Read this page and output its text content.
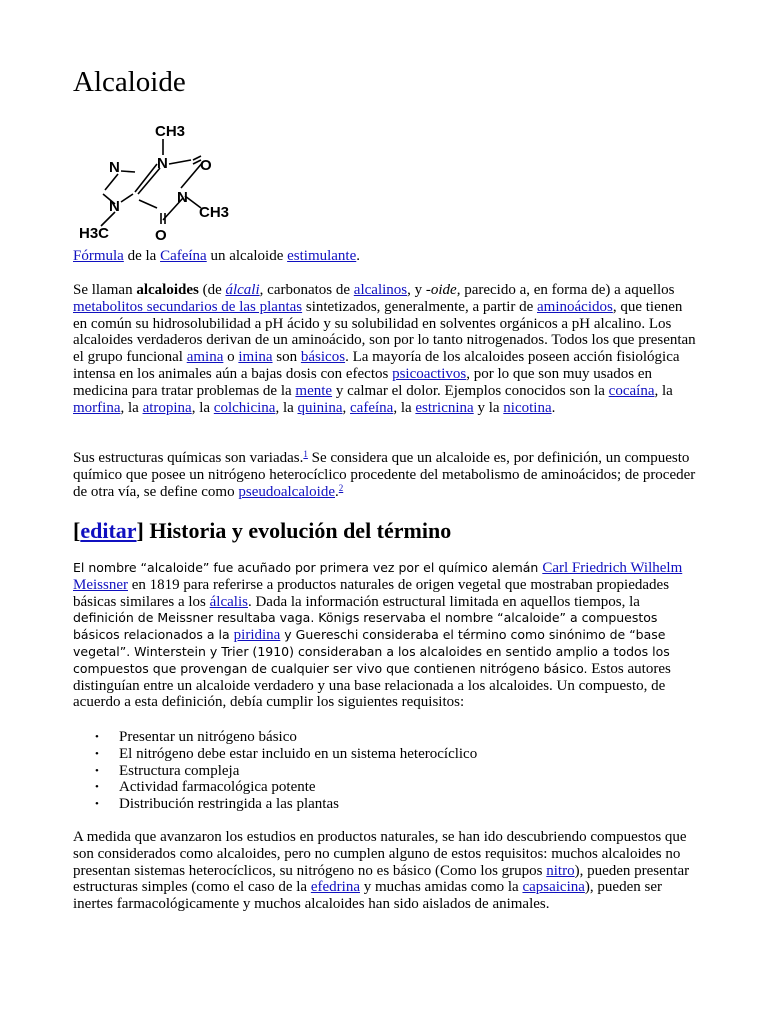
Alcaloide
CH3
N O
N
CH3
O
N
N
H3C

Fórmula de la Cafeína un alcaloide estimulante.

Se llaman alcaloides (de álcali, carbonatos de alcalinos, y -oide, parecido a, en forma de) a aquellos metabolitos secundarios de las plantas sintetizados, generalmente, a partir de aminoácidos, que tienen en común su hidrosolubilidad a pH ácido y su solubilidad en solventes orgánicos a pH alcalino. Los alcaloides verdaderos derivan de un aminoácido, son por lo tanto nitrogenados. Todos los que presentan el grupo funcional amina o imina son básicos. La mayoría de los alcaloides poseen acción fisiológica intensa en los animales aún a bajas dosis con efectos psicoactivos, por lo que son muy usados en medicina para tratar problemas de la mente y calmar el dolor. Ejemplos conocidos son la cocaína, la morfina, la atropina, la colchicina, la quinina, cafeína, la estricnina y la nicotina.

Sus estructuras químicas son variadas.$^1$ Se considera que un alcaloide es, por definición, un compuesto químico que posee un nitrógeno heterocíclico procedente del metabolismo de aminoácidos; de proceder de otra vía, se define como pseudoalcaloide.$^2$

[editar] Historia y evolución del término

El nombre “alcaloide” fue acuñado por primera vez por el químico alemán Carl Friedrich Wilhelm Meissner en 1819 para referirse a productos naturales de origen vegetal que mostraban propiedades básicas similares a los álcalis. Dada la información estructural limitada en aquellos tiempos, la definición de Meissner resultaba vaga. Königs reservaba el nombre “alcaloide” a compuestos básicos relacionados a la piridina y Guereschi consideraba el término como sinónimo de “base vegetal”. Winterstein y Trier (1910) consideraban a los alcaloides en sentido amplio a todos los compuestos que provengan de cualquier ser vivo que contienen nitrógeno básico. Estos autores distinguían entre un alcaloide verdadero y una base relacionada a los alcaloides. Un compuesto, de acuerdo a esta definición, debía cumplir los siguientes requisitos:

• Presentar un nitrógeno básico
• El nitrógeno debe estar incluido en un sistema heterocíclico
• Estructura compleja
• Actividad farmacológica potente
• Distribución restringida a las plantas

A medida que avanzaron los estudios en productos naturales, se han ido descubriendo compuestos que son considerados como alcaloides, pero no cumplen alguno de estos requisitos: muchos alcaloides no presentan sistemas heterocíclicos, su nitrógeno no es básico (Como los grupos nitro), pueden presentar estructuras simples (como el caso de la efedrina y muchas amidas como la capsaicina), pueden ser inertes farmacológicamente y muchos alcaloides han sido aislados de animales.
